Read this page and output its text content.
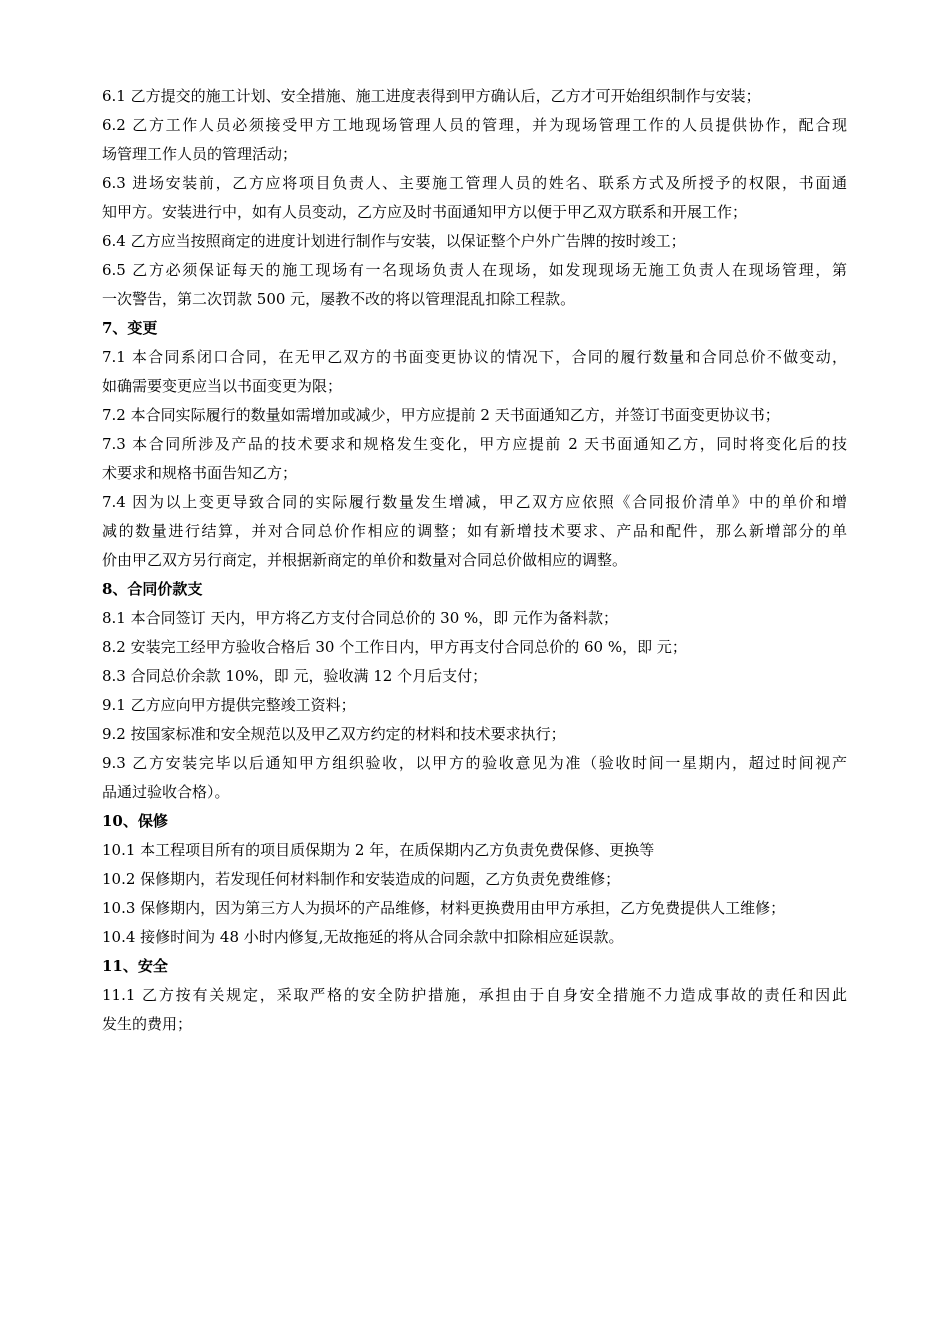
6.1 乙方提交的施工计划、安全措施、施工进度表得到甲方确认后，乙方才可开始组织制作与安装；
6.2 乙方工作人员必须接受甲方工地现场管理人员的管理，并为现场管理工作的人员提供协作，配合现
场管理工作人员的管理活动；
6.3 进场安装前，乙方应将项目负责人、主要施工管理人员的姓名、联系方式及所授予的权限，书面通
知甲方。安装进行中，如有人员变动，乙方应及时书面通知甲方以便于甲乙双方联系和开展工作；
6.4 乙方应当按照商定的进度计划进行制作与安装，以保证整个户外广告牌的按时竣工；
6.5 乙方必须保证每天的施工现场有一名现场负责人在现场，如发现现场无施工负责人在现场管理，第
一次警告，第二次罚款 500 元，屡教不改的将以管理混乱扣除工程款。
7、变更
7.1 本合同系闭口合同，在无甲乙双方的书面变更协议的情况下，合同的履行数量和合同总价不做变动，
如确需要变更应当以书面变更为限；
7.2 本合同实际履行的数量如需增加或减少，甲方应提前 2 天书面通知乙方，并签订书面变更协议书；
7.3 本合同所涉及产品的技术要求和规格发生变化，甲方应提前 2 天书面通知乙方，同时将变化后的技
术要求和规格书面告知乙方；
7.4 因为以上变更导致合同的实际履行数量发生增减，甲乙双方应依照《合同报价清单》中的单价和增
减的数量进行结算，并对合同总价作相应的调整；如有新增技术要求、产品和配件，那么新增部分的单
价由甲乙双方另行商定，并根据新商定的单价和数量对合同总价做相应的调整。
8、合同价款支
8.1 本合同签订 天内，甲方将乙方支付合同总价的 30 %，即 元作为备料款；
8.2 安装完工经甲方验收合格后 30 个工作日内，甲方再支付合同总价的 60 %，即 元；
8.3 合同总价余款 10%，即 元，验收满 12 个月后支付；
9.1 乙方应向甲方提供完整竣工资料；
9.2 按国家标准和安全规范以及甲乙双方约定的材料和技术要求执行；
9.3 乙方安装完毕以后通知甲方组织验收，以甲方的验收意见为准（验收时间一星期内，超过时间视产
品通过验收合格）。
10、保修
10.1 本工程项目所有的项目质保期为 2 年，在质保期内乙方负责免费保修、更换等
10.2 保修期内，若发现任何材料制作和安装造成的问题，乙方负责免费维修；
10.3 保修期内，因为第三方人为损坏的产品维修，材料更换费用由甲方承担，乙方免费提供人工维修；
10.4 接修时间为 48 小时内修复,无故拖延的将从合同余款中扣除相应延误款。
11、安全
11.1 乙方按有关规定，采取严格的安全防护措施，承担由于自身安全措施不力造成事故的责任和因此
发生的费用；
